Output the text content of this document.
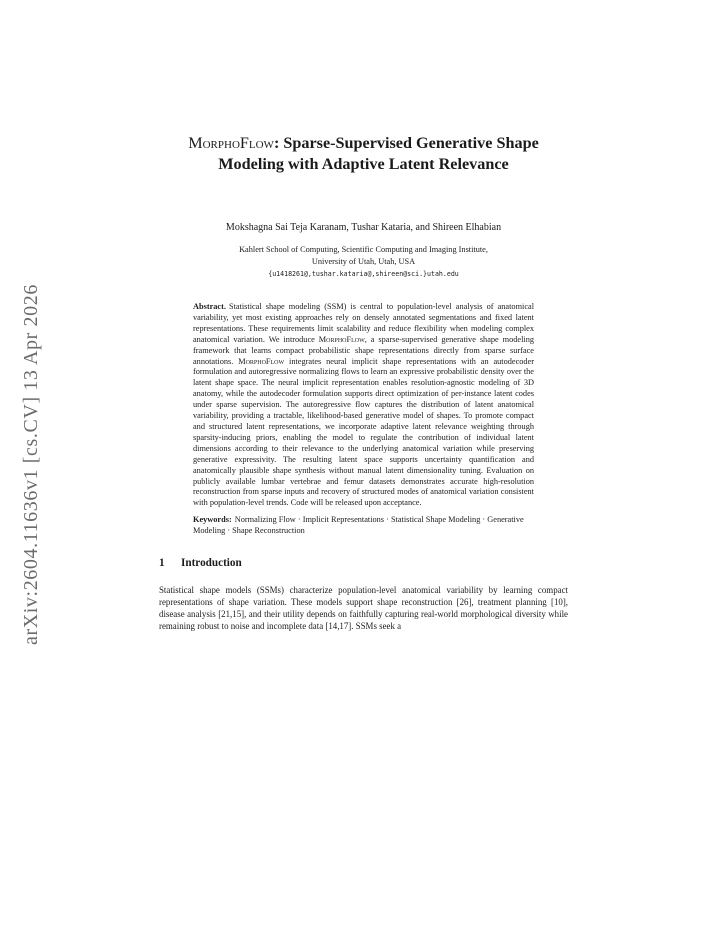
arXiv:2604.11636v1 [cs.CV] 13 Apr 2026
MorphoFlow: Sparse-Supervised Generative Shape Modeling with Adaptive Latent Relevance
Mokshagna Sai Teja Karanam, Tushar Kataria, and Shireen Elhabian
Kahlert School of Computing, Scientific Computing and Imaging Institute,
University of Utah, Utah, USA
{u1418261@,tushar.kataria@,shireen@sci.}utah.edu
Abstract. Statistical shape modeling (SSM) is central to population-level analysis of anatomical variability, yet most existing approaches rely on densely annotated segmentations and fixed latent representations. These requirements limit scalability and reduce flexibility when modeling complex anatomical variation. We introduce MorphoFlow, a sparse-supervised generative shape modeling framework that learns compact probabilistic shape representations directly from sparse surface annotations. MorphoFlow integrates neural implicit shape representations with an autodecoder formulation and autoregressive normalizing flows to learn an expressive probabilistic density over the latent shape space. The neural implicit representation enables resolution-agnostic modeling of 3D anatomy, while the autodecoder formulation supports direct optimization of per-instance latent codes under sparse supervision. The autoregressive flow captures the distribution of latent anatomical variability, providing a tractable, likelihood-based generative model of shapes. To promote compact and structured latent representations, we incorporate adaptive latent relevance weighting through sparsity-inducing priors, enabling the model to regulate the contribution of individual latent dimensions according to their relevance to the underlying anatomical variation while preserving generative expressivity. The resulting latent space supports uncertainty quantification and anatomically plausible shape synthesis without manual latent dimensionality tuning. Evaluation on publicly available lumbar vertebrae and femur datasets demonstrates accurate high-resolution reconstruction from sparse inputs and recovery of structured modes of anatomical variation consistent with population-level trends. Code will be released upon acceptance.
Keywords: Normalizing Flow · Implicit Representations · Statistical Shape Modeling · Generative Modeling · Shape Reconstruction
1 Introduction
Statistical shape models (SSMs) characterize population-level anatomical variability by learning compact representations of shape variation. These models support shape reconstruction [26], treatment planning [10], disease analysis [21,15], and their utility depends on faithfully capturing real-world morphological diversity while remaining robust to noise and incomplete data [14,17]. SSMs seek a
